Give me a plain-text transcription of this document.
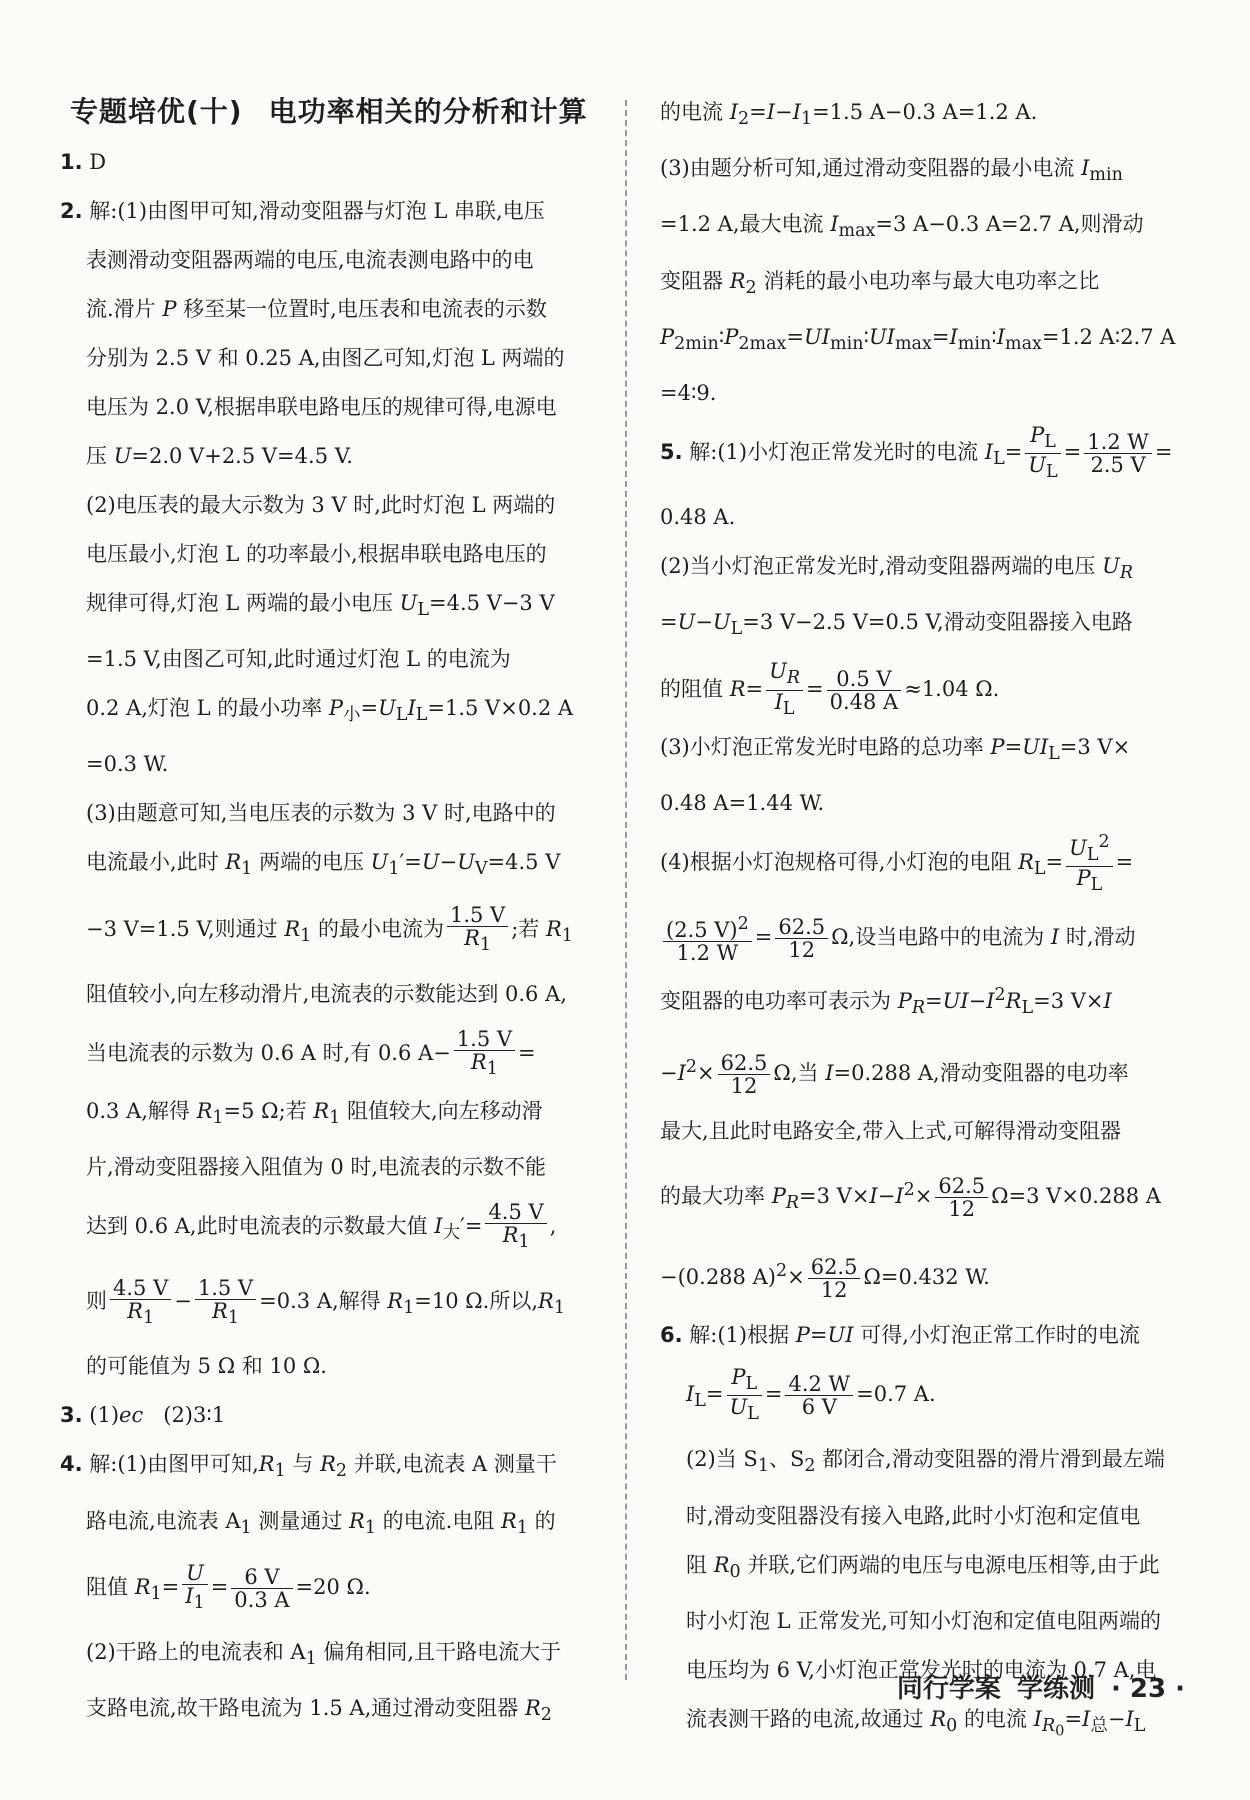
专题培优(十) 电功率相关的分析和计算

1. D

2. 解:(1)由图甲可知,滑动变阻器与灯泡 L 串联,电压

表测滑动变阻器两端的电压,电流表测电路中的电

流.滑片 P 移至某一位置时,电压表和电流表的示数

分别为 2.5 V 和 0.25 A,由图乙可知,灯泡 L 两端的

电压为 2.0 V,根据串联电路电压的规律可得,电源电

压 U=2.0 V+2.5 V=4.5 V.

(2)电压表的最大示数为 3 V 时,此时灯泡 L 两端的

电压最小,灯泡 L 的功率最小,根据串联电路电压的

规律可得,灯泡 L 两端的最小电压 $U_L=4.5$ V−3 V

=1.5 V,由图乙可知,此时通过灯泡 L 的电流为

0.2 A,灯泡 L 的最小功率 $P_小=U_LI_L=1.5$ V×0.2 A

=0.3 W.

(3)由题意可知,当电压表的示数为 3 V 时,电路中的

电流最小,此时 $R_1$ 两端的电压 $U_1'=U-U_V=4.5$ V

−3 V=1.5 V,则通过 $R_1$ 的最小电流为 $\frac{1.5 V}{R_1}$ ;若 $R_1$

阻值较小,向左移动滑片,电流表的示数能达到 0.6 A,

当电流表的示数为 0.6 A 时,有 0.6 $A- \frac{1.5 V}{R_1}$ =

0.3 A,解得 $R_1=5$ Ω;若 $R_1$ 阻值较大,向左移动滑

片,滑动变阻器接入阻值为 0 时,电流表的示数不能

达到 0.6 A,此时电流表的示数最大值 $I_大'= \frac{4.5 V}{R_1}$ ,

则 $\frac{4.5 V}{R_1} - \frac{1.5 V}{R_1} =0.3$ A,解得 $R_1=10$ Ω.所以$,R_1$

的可能值为 5 Ω 和 10 Ω.

3. (1)ec   (2)3∶1

4. 解:(1)由图甲可知$,R_1$ 与 $R_2$ 并联,电流表 A 测量干

路电流,电流表 $A_1$ 测量通过 $R_1$ 的电流.电阻 $R_1$ 的

阻值 $R_1= \frac{U}{I_1} = \frac{6 V}{0.3 A} =20$ Ω.

(2)干路上的电流表和 $A_1$ 偏角相同,且干路电流大于

支路电流,故干路电流为 1.5 A,通过滑动变阻器 $R_2$

的电流 $I_2=I-I_1=1.5$ A−0.3 A=1.2 A.

(3)由题分析可知,通过滑动变阻器的最小电流 $I_{min}$

=1.2 A,最大电流 $I_{max}=3$ A−0.3 A=2.7 A,则滑动

变阻器 $R_2$ 消耗的最小电功率与最大电功率之比

$P_{2min}∶P_{2max}=UI_{min}∶UI_{max}=I_{min}∶I_{max}=1.2$ A∶2.7 A

=4∶9.

5. 解:(1)小灯泡正常发光时的电流 $I_L= \frac{P_L}{U_L} = \frac{1.2 W}{2.5 V}$ =

0.48 A.

(2)当小灯泡正常发光时,滑动变阻器两端的电压 $U_R$

$=U-U_L=3$ V−2.5 V=0.5 V,滑动变阻器接入电路

的阻值 $R= \frac{U_R}{I_L} = \frac{0.5 V}{0.48 A} \approx 1.04$ Ω.

(3)小灯泡正常发光时电路的总功率 $P=UI_L=3$ V×

0.48 A=1.44 W.

(4)根据小灯泡规格可得,小灯泡的电阻 $R_L= \frac{U_L^2}{P_L}$ =

$\frac{(2.5 V)^2}{1.2 W} = \frac{62.5}{12} \Omega$,设当电路中的电流为 I 时,滑动

变阻器的电功率可表示为 $P_R=UI-I^2R_L=3$ V×I

$-I^2\times \frac{62.5}{12} \Omega$,当 I=0.288 A,滑动变阻器的电功率

最大,且此时电路安全,带入上式,可解得滑动变阻器

的最大功率 $P_R=3$ $V\times I-I^2\times \frac{62.5}{12} \Omega=3$ V×0.288 A

−(0.288 $A)^2\times \frac{62.5}{12} \Omega=0.432$ W.

6. 解:(1)根据 P=UI 可得,小灯泡正常工作时的电流

$I_L= \frac{P_L}{U_L} = \frac{4.2 W}{6 V} =0.7$ A.

(2)当 $S_1$、$S_2$ 都闭合,滑动变阻器的滑片滑到最左端

时,滑动变阻器没有接入电路,此时小灯泡和定值电

阻 $R_0$ 并联,它们两端的电压与电源电压相等,由于此

时小灯泡 L 正常发光,可知小灯泡和定值电阻两端的

电压均为 6 V,小灯泡正常发光时的电流为 0.7 A,电

流表测干路的电流,故通过 $R_0$ 的电流 $I_{R_0}=I_总-I_L$

同行学案 学练测 · 23 ·
